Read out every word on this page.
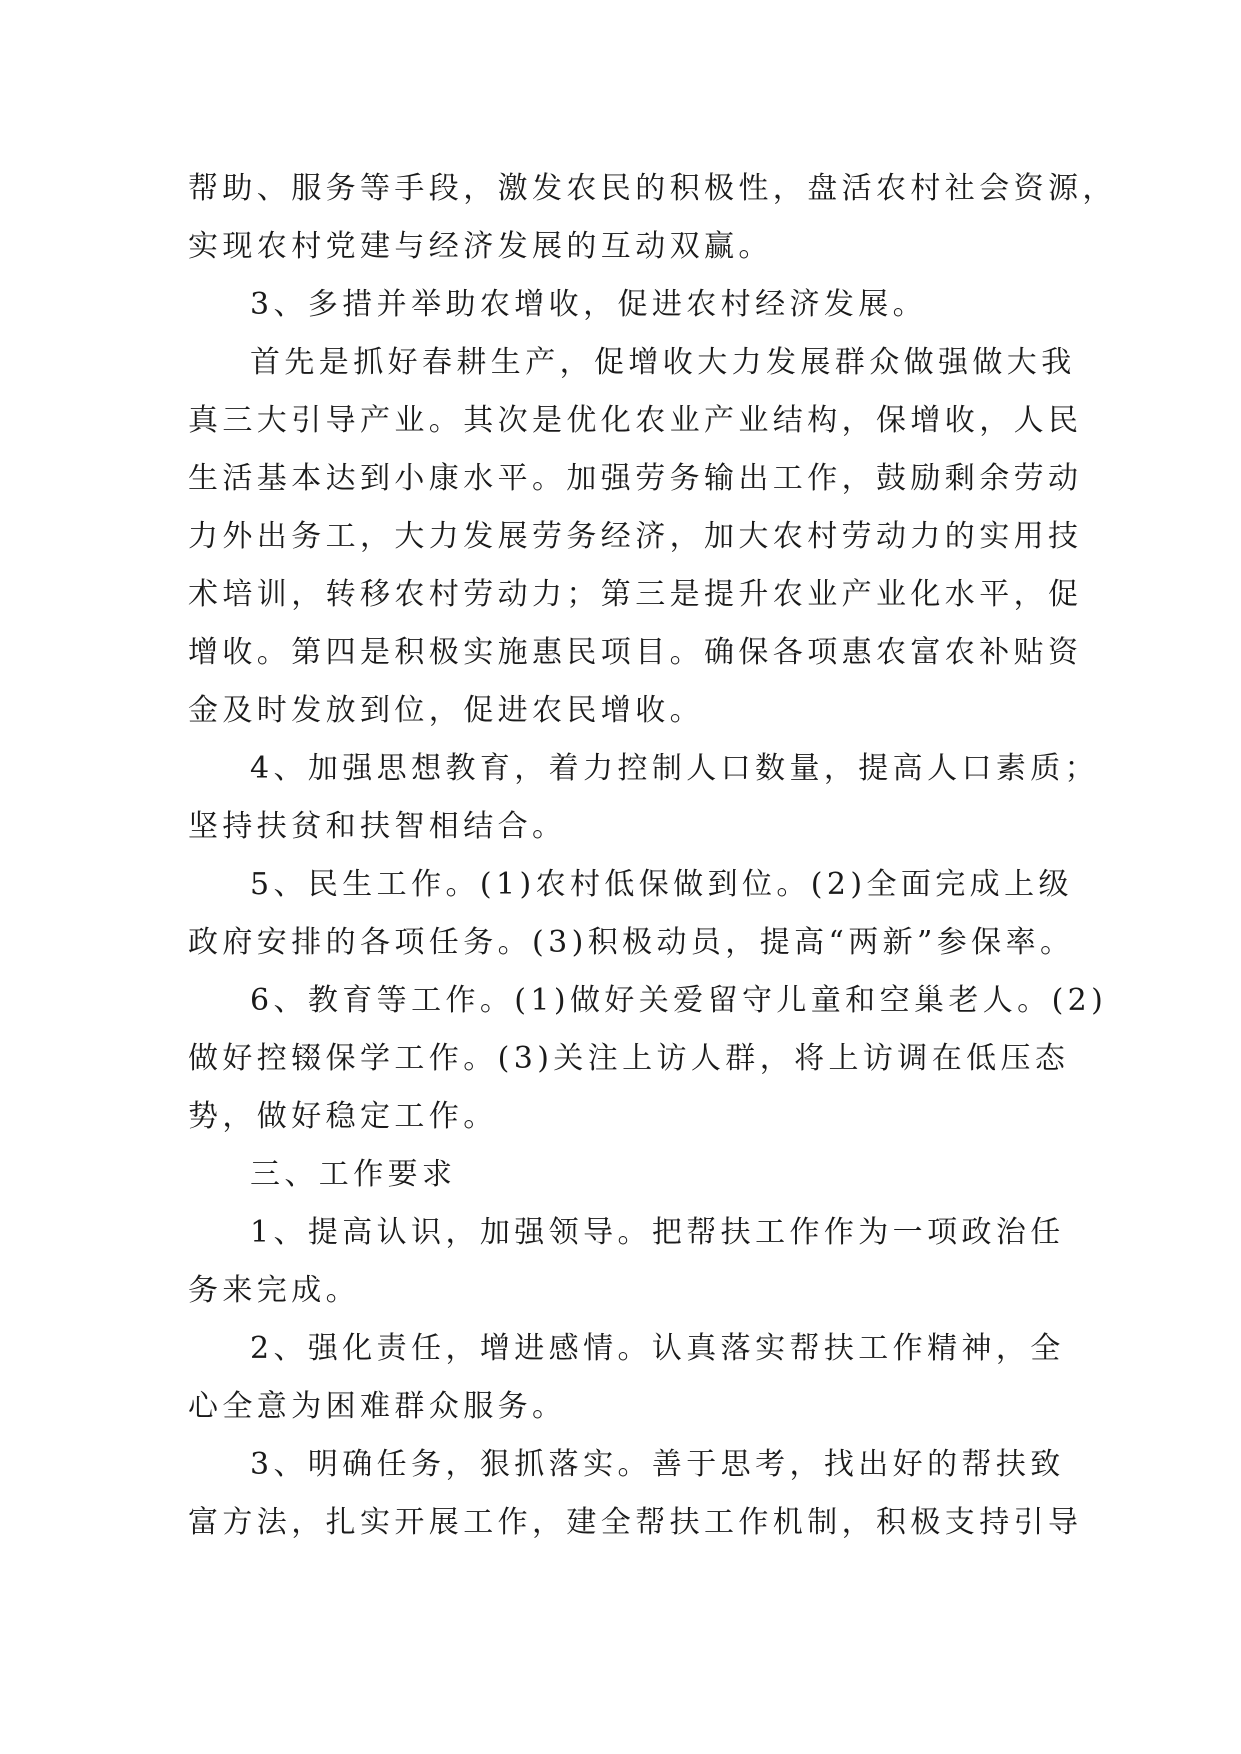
帮助、服务等手段，激发农民的积极性，盘活农村社会资源，
实现农村党建与经济发展的互动双赢。
3、多措并举助农增收，促进农村经济发展。
首先是抓好春耕生产，促增收大力发展群众做强做大我
真三大引导产业。其次是优化农业产业结构，保增收，人民
生活基本达到小康水平。加强劳务输出工作，鼓励剩余劳动
力外出务工，大力发展劳务经济，加大农村劳动力的实用技
术培训，转移农村劳动力；第三是提升农业产业化水平，促
增收。第四是积极实施惠民项目。确保各项惠农富农补贴资
金及时发放到位，促进农民增收。
4、加强思想教育，着力控制人口数量，提高人口素质；
坚持扶贫和扶智相结合。
5、民生工作。(1)农村低保做到位。(2)全面完成上级
政府安排的各项任务。(3)积极动员，提高“两新”参保率。
6、教育等工作。(1)做好关爱留守儿童和空巢老人。(2)
做好控辍保学工作。(3)关注上访人群，将上访调在低压态
势，做好稳定工作。
三、工作要求
1、提高认识，加强领导。把帮扶工作作为一项政治任
务来完成。
2、强化责任，增进感情。认真落实帮扶工作精神，全
心全意为困难群众服务。
3、明确任务，狠抓落实。善于思考，找出好的帮扶致
富方法，扎实开展工作，建全帮扶工作机制，积极支持引导
